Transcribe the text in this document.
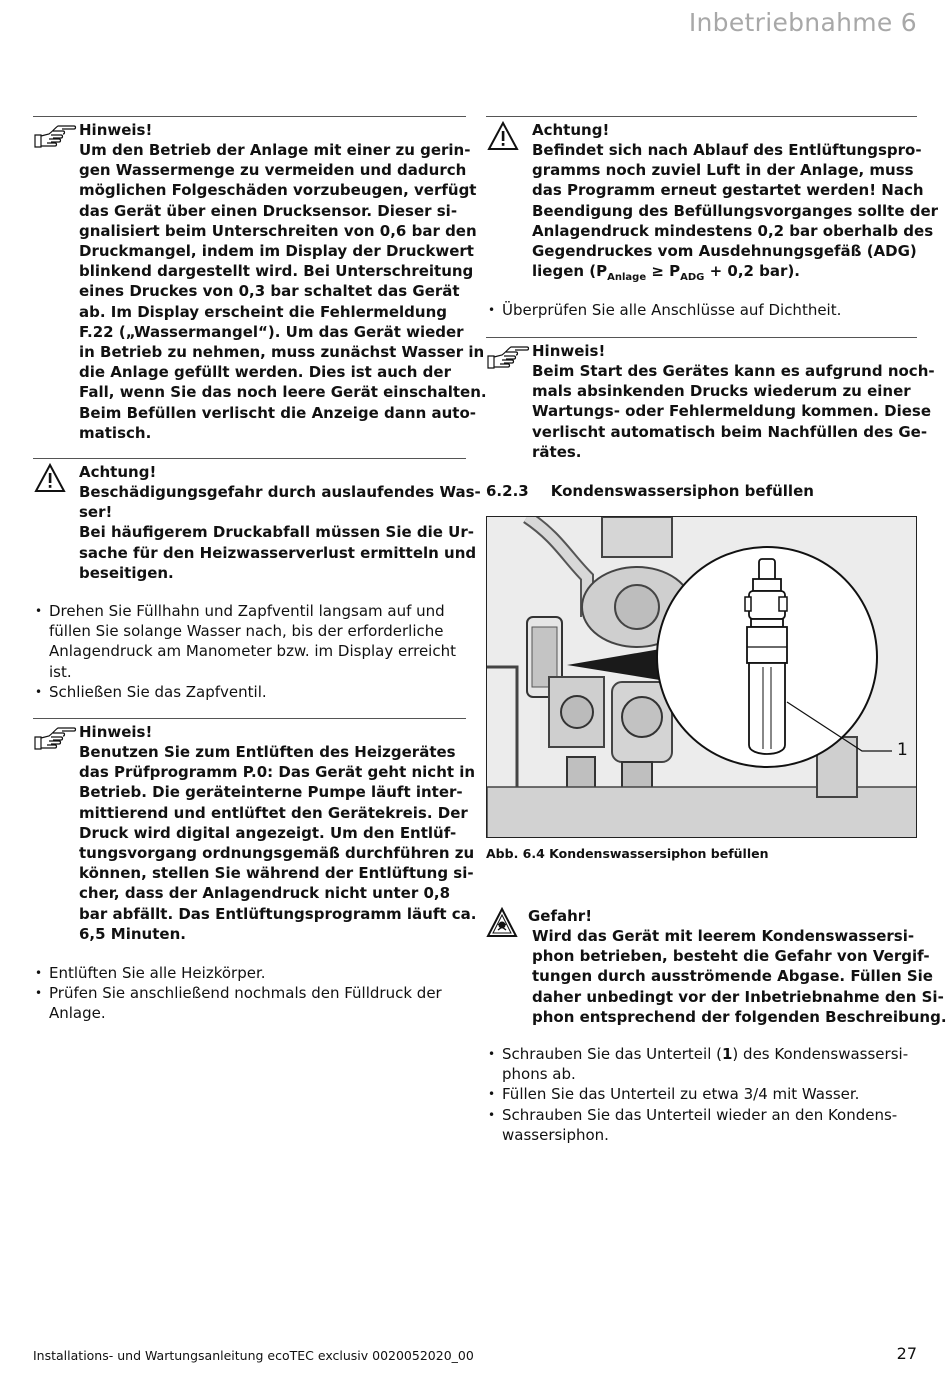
Inbetriebnahme 6
Hinweis!
Um den Betrieb der Anlage mit einer zu gerin-
gen Wassermenge zu vermeiden und dadurch
möglichen Folgeschäden vorzubeugen, verfügt
das Gerät über einen Drucksensor. Dieser si-
gnalisiert beim Unterschreiten von 0,6 bar den
Druckmangel, indem im Display der Druckwert
blinkend dargestellt wird. Bei Unterschreitung
eines Druckes von 0,3 bar schaltet das Gerät
ab. Im Display erscheint die Fehlermeldung
F.22 („Wassermangel“). Um das Gerät wieder
in Betrieb zu nehmen, muss zunächst Wasser in
die Anlage gefüllt werden. Dies ist auch der
Fall, wenn Sie das noch leere Gerät einschalten.
Beim Befüllen verlischt die Anzeige dann auto-
matisch.
Achtung!
Beschädigungsgefahr durch auslaufendes Was-
ser!
Bei häufigerem Druckabfall müssen Sie die Ur-
sache für den Heizwasserverlust ermitteln und
beseitigen.
• Drehen Sie Füllhahn und Zapfventil langsam auf und
füllen Sie solange Wasser nach, bis der erforderliche
Anlagendruck am Manometer bzw. im Display erreicht
ist.
• Schließen Sie das Zapfventil.
Hinweis!
Benutzen Sie zum Entlüften des Heizgerätes
das Prüfprogramm P.0: Das Gerät geht nicht in
Betrieb. Die geräteinterne Pumpe läuft inter-
mittierend und entlüftet den Gerätekreis. Der
Druck wird digital angezeigt. Um den Entlüf-
tungsvorgang ordnungsgemäß durchführen zu
können, stellen Sie während der Entlüftung si-
cher, dass der Anlagendruck nicht unter 0,8
bar abfällt. Das Entlüftungsprogramm läuft ca.
6,5 Minuten.
• Entlüften Sie alle Heizkörper.
• Prüfen Sie anschließend nochmals den Fülldruck der
Anlage.
Achtung!
Befindet sich nach Ablauf des Entlüftungspro-
gramms noch zuviel Luft in der Anlage, muss
das Programm erneut gestartet werden! Nach
Beendigung des Befüllungsvorganges sollte der
Anlagendruck mindestens 0,2 bar oberhalb des
Gegendruckes vom Ausdehnungsgefäß (ADG)
liegen ($P_{Anlage} \ge P_{ADG} + 0,2$ bar).
• Überprüfen Sie alle Anschlüsse auf Dichtheit.
Hinweis!
Beim Start des Gerätes kann es aufgrund noch-
mals absinkenden Drucks wiederum zu einer
Wartungs- oder Fehlermeldung kommen. Diese
verlischt automatisch beim Nachfüllen des Ge-
rätes.
6.2.3 Kondenswassersiphon befüllen
1
Abb. 6.4 Kondenswassersiphon befüllen
Gefahr!
Wird das Gerät mit leerem Kondenswassersi-
phon betrieben, besteht die Gefahr von Vergif-
tungen durch ausströmende Abgase. Füllen Sie
daher unbedingt vor der Inbetriebnahme den Si-
phon entsprechend der folgenden Beschreibung.
• Schrauben Sie das Unterteil (1) des Kondenswassersi-
phons ab.
• Füllen Sie das Unterteil zu etwa 3/4 mit Wasser.
• Schrauben Sie das Unterteil wieder an den Kondens-
wassersiphon.
Installations- und Wartungsanleitung ecoTEC exclusiv 0020052020_00	27
